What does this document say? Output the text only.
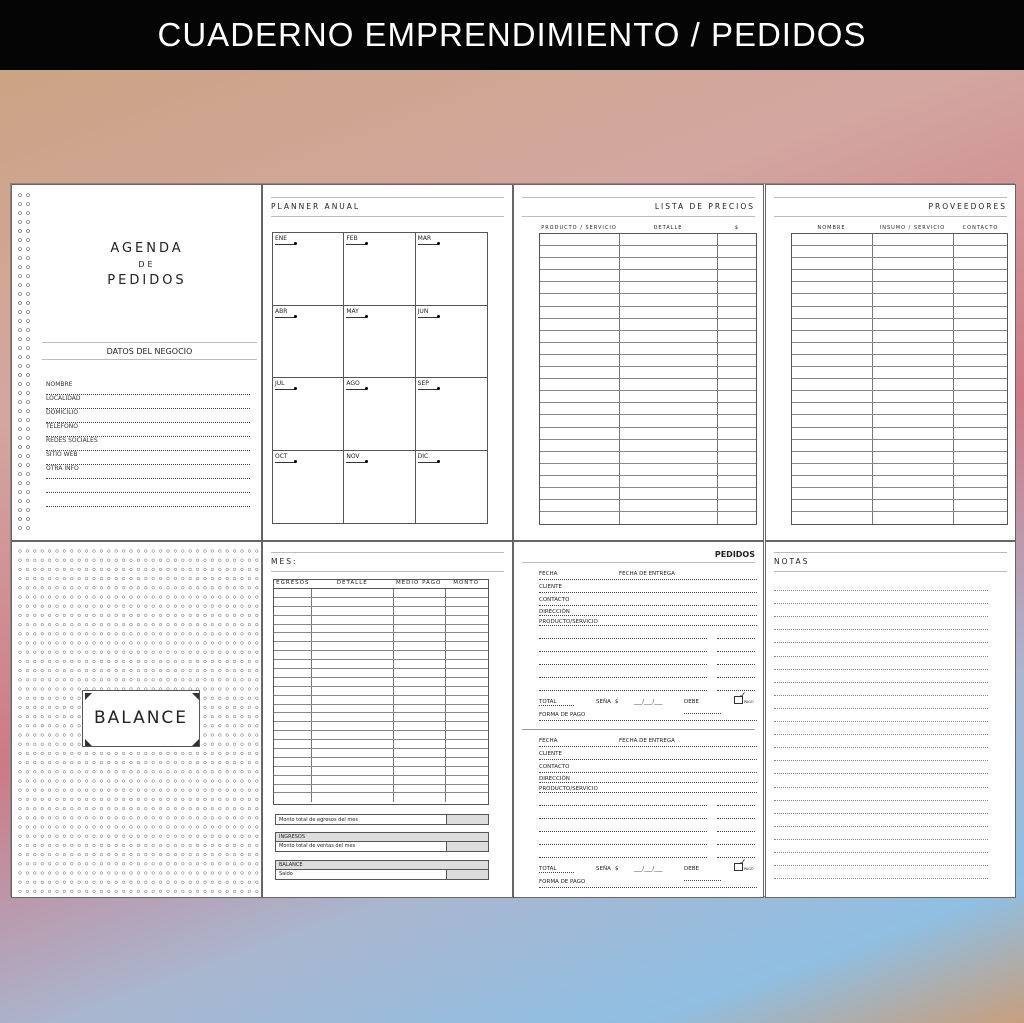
CUADERNO EMPRENDIMIENTO / PEDIDOS
AGENDA
DE
PEDIDOS
DATOS DEL NEGOCIO
NOMBRE
LOCALIDAD
DOMICILIO
TELÉFONO
REDES SOCIALES
SITIO WEB
OTRA INFO
PLANNER ANUAL
ENE	FEB	MAR
ABR	MAY	JUN
JUL	AGO	SEP
OCT	NOV	DIC
LISTA DE PRECIOS
PRODUCTO / SERVICIO	DETALLE	$
PROVEEDORES
NOMBRE	INSUMO / SERVICIO	CONTACTO
BALANCE
MES:
EGRESOS	DETALLE	MEDIO PAGO	MONTO
Monto total de egresos del mes
INGRESOS
Monto total de ventas del mes
BALANCE
Saldo
PEDIDOS
FECHA	FECHA DE ENTREGA
CLIENTE
CONTACTO
DIRECCIÓN
PRODUCTO/SERVICIO
TOTAL	SEÑA $	___/___/___	DEBE
✓
PAGO
FORMA DE PAGO
FECHA	FECHA DE ENTREGA
CLIENTE
CONTACTO
DIRECCIÓN
PRODUCTO/SERVICIO
TOTAL	SEÑA $	___/___/___	DEBE
✓
PAGO
FORMA DE PAGO
NOTAS
